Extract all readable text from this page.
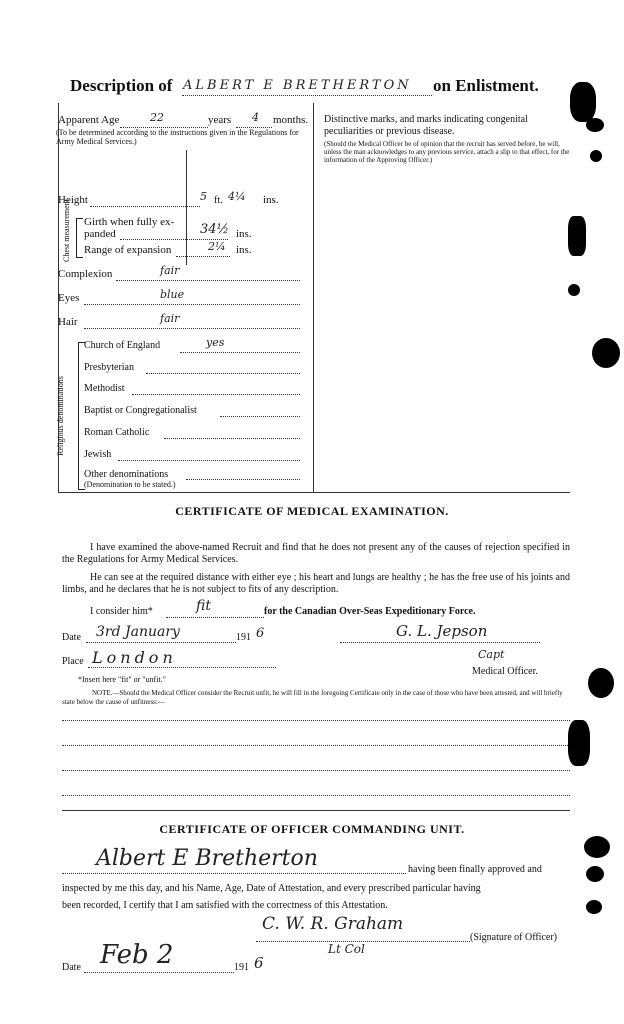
Description of ALBERT E BRETHERTON on Enlistment.
Apparent Age	22	years 4 months.
(To be determined according to the instructions given in the Regulations for Army Medical Services.)
Height	5 ft. 4¼ ins.
Chest measurement Girth when fully ex-
panded	34½ ins.
Range of expansion	2¼ ins.
Complexion	fair
Eyes	blue
Hair	fair
Religious denominations
Church of England	yes
Presbyterian
Methodist
Baptist or Congregationalist
Roman Catholic
Jewish
Other denominations
(Denomination to be stated.)
Distinctive marks, and marks indicating congenital peculiarities or previous disease.
(Should the Medical Officer be of opinion that the recruit has served before, he will, unless the man acknowledges to any previous service, attach a slip to that effect, for the information of the Approving Officer.)
CERTIFICATE OF MEDICAL EXAMINATION.
I have examined the above-named Recruit and find that he does not present any of the causes of rejection specified in the Regulations for Army Medical Services.
He can see at the required distance with either eye ; his heart and lungs are healthy ; he has the free use of his joints and limbs, and he declares that he is not subject to fits of any description.
I consider him*	fit	for the Canadian Over-Seas Expeditionary Force.
Date 3rd January	191 6	G. L. Jepson
Place London	Capt
Medical Officer.
*Insert here "fit" or "unfit."
NOTE.—Should the Medical Officer consider the Recruit unfit, he will fill in the foregoing Certificate only in the case of those who have been attested, and will briefly state below the cause of unfitness:—
CERTIFICATE OF OFFICER COMMANDING UNIT.
Albert E Bretherton	having been finally approved and
inspected by me this day, and his Name, Age, Date of Attestation, and every prescribed particular having
been recorded, I certify that I am satisfied with the correctness of this Attestation.
C. W. R. Graham
(Signature of Officer)
Lt Col
Date Feb 2	191 6
